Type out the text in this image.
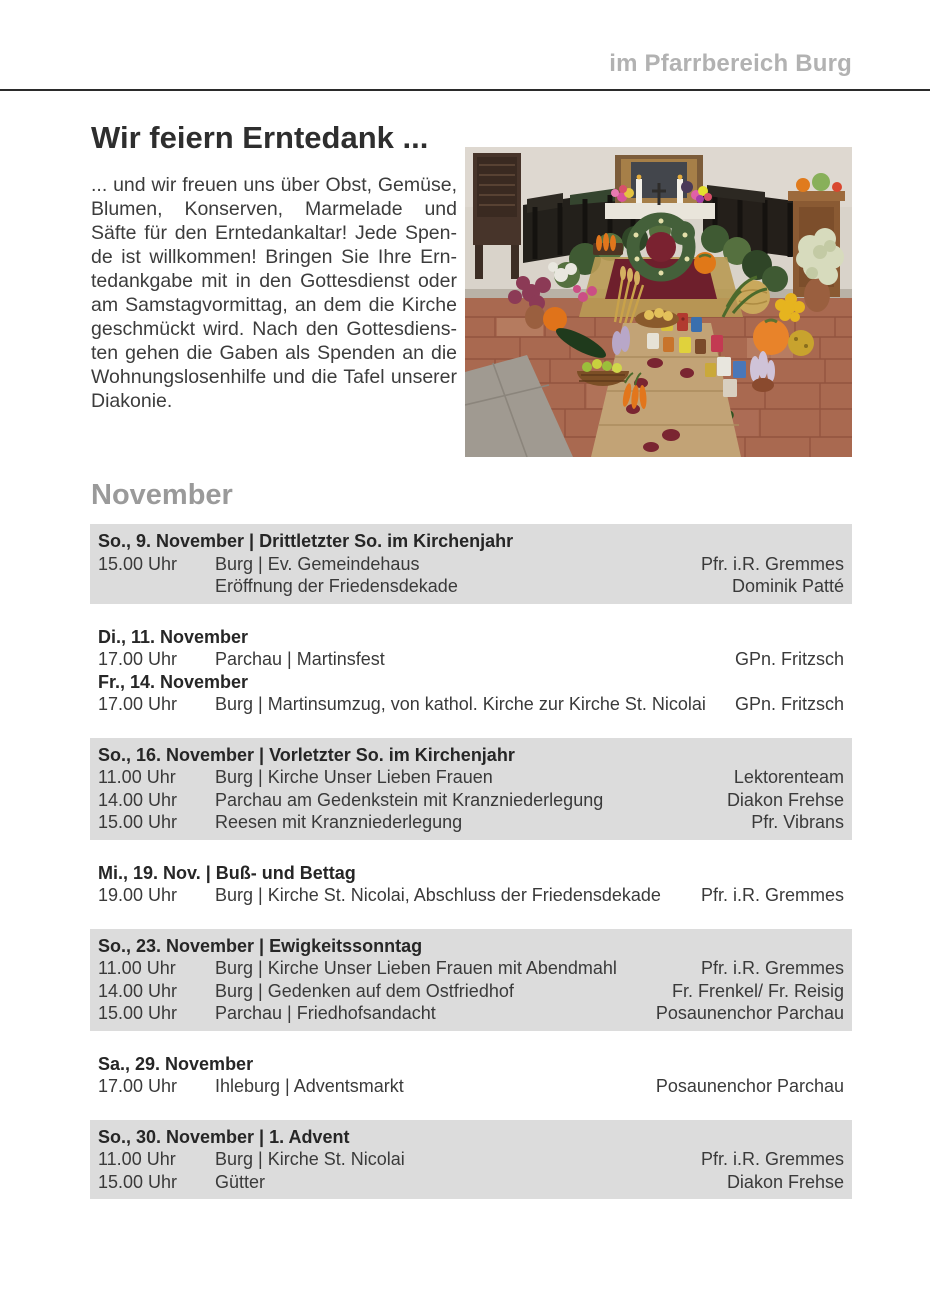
im Pfarrbereich Burg
Wir feiern Erntedank ...

... und wir freuen uns über Obst, Gemüse, Blumen, Konserven, Marmelade und Säfte für den Erntedankaltar! Jede Spende ist willkommen! Bringen Sie Ihre Erntedankgabe mit in den Gottesdienst oder am Samstagvormittag, an dem die Kirche geschmückt wird. Nach den Gottesdiensten gehen die Gaben als Spenden an die Wohnungslosenhilfe und die Tafel unserer Diakonie.

November
So., 9. November | Drittletzter So. im Kirchenjahr
15.00 Uhr	Burg | Ev. Gemeindehaus	Pfr. i.R. Gremmes
Eröffnung der Friedensdekade	Dominik Patté
Di., 11. November
17.00 Uhr	Parchau | Martinsfest	GPn. Fritzsch
Fr., 14. November
17.00 Uhr	Burg | Martinsumzug, von kathol. Kirche zur Kirche St. Nicolai	GPn. Fritzsch
So., 16. November | Vorletzter So. im Kirchenjahr
11.00 Uhr	Burg | Kirche Unser Lieben Frauen	Lektorenteam
14.00 Uhr	Parchau am Gedenkstein mit Kranzniederlegung	Diakon Frehse
15.00 Uhr	Reesen mit Kranzniederlegung	Pfr. Vibrans
Mi., 19. Nov. | Buß- und Bettag
19.00 Uhr	Burg | Kirche St. Nicolai, Abschluss der Friedensdekade	Pfr. i.R. Gremmes
So., 23. November | Ewigkeitssonntag
11.00 Uhr	Burg | Kirche Unser Lieben Frauen mit Abendmahl	Pfr. i.R. Gremmes
14.00 Uhr	Burg | Gedenken auf dem Ostfriedhof	Fr. Frenkel/ Fr. Reisig
15.00 Uhr	Parchau | Friedhofsandacht	Posaunenchor Parchau
Sa., 29. November
17.00 Uhr	Ihleburg | Adventsmarkt	Posaunenchor Parchau
So., 30. November | 1. Advent
11.00 Uhr	Burg | Kirche St. Nicolai	Pfr. i.R. Gremmes
15.00 Uhr	Gütter	Diakon Frehse
